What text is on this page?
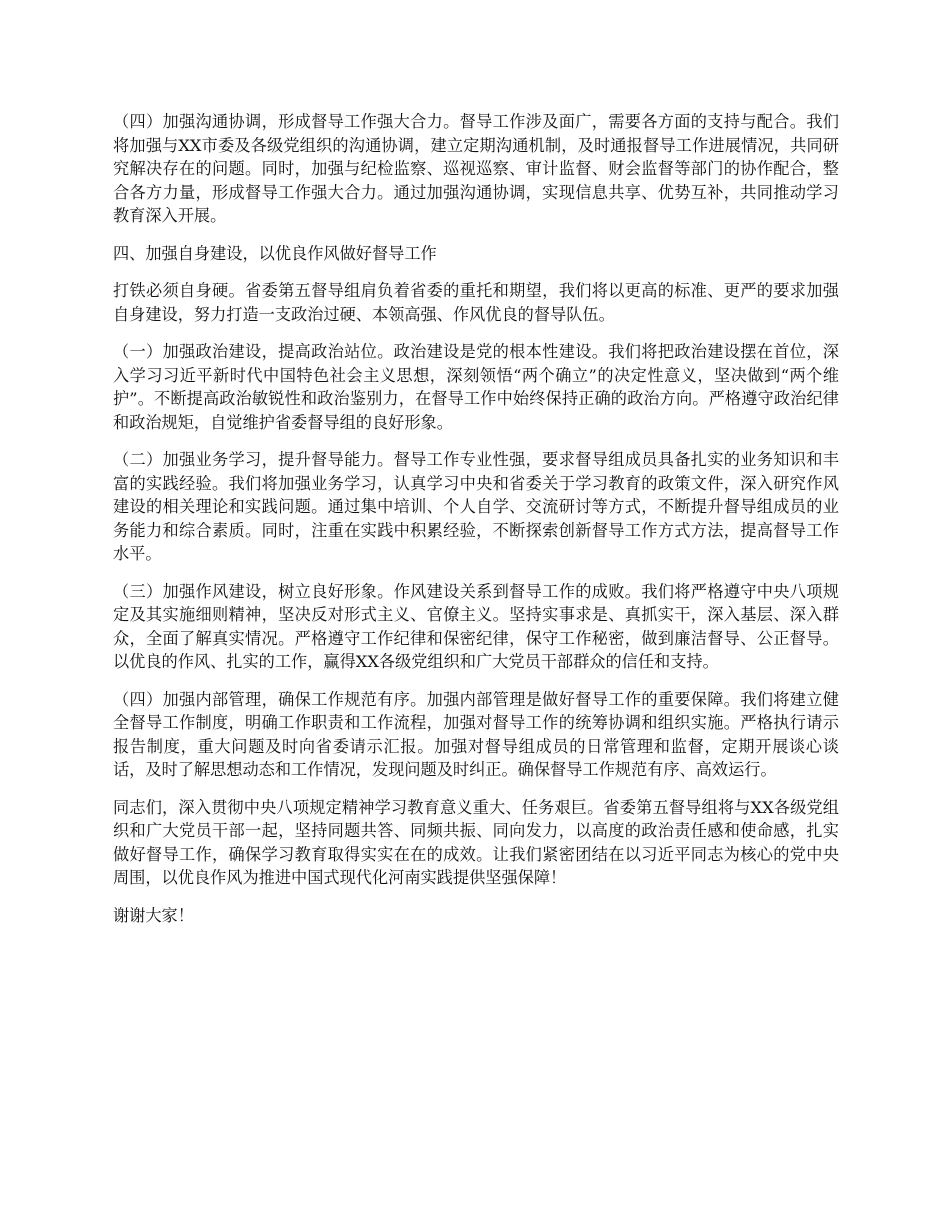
（四）加强沟通协调，形成督导工作强大合力。督导工作涉及面广，需要各方面的支持与配合。我们将加强与XX市委及各级党组织的沟通协调，建立定期沟通机制，及时通报督导工作进展情况，共同研究解决存在的问题。同时，加强与纪检监察、巡视巡察、审计监督、财会监督等部门的协作配合，整合各方力量，形成督导工作强大合力。通过加强沟通协调，实现信息共享、优势互补，共同推动学习教育深入开展。

四、加强自身建设，以优良作风做好督导工作

打铁必须自身硬。省委第五督导组肩负着省委的重托和期望，我们将以更高的标准、更严的要求加强自身建设，努力打造一支政治过硬、本领高强、作风优良的督导队伍。

（一）加强政治建设，提高政治站位。政治建设是党的根本性建设。我们将把政治建设摆在首位，深入学习习近平新时代中国特色社会主义思想，深刻领悟“两个确立”的决定性意义，坚决做到“两个维护”。不断提高政治敏锐性和政治鉴别力，在督导工作中始终保持正确的政治方向。严格遵守政治纪律和政治规矩，自觉维护省委督导组的良好形象。

（二）加强业务学习，提升督导能力。督导工作专业性强，要求督导组成员具备扎实的业务知识和丰富的实践经验。我们将加强业务学习，认真学习中央和省委关于学习教育的政策文件，深入研究作风建设的相关理论和实践问题。通过集中培训、个人自学、交流研讨等方式，不断提升督导组成员的业务能力和综合素质。同时，注重在实践中积累经验，不断探索创新督导工作方式方法，提高督导工作水平。

（三）加强作风建设，树立良好形象。作风建设关系到督导工作的成败。我们将严格遵守中央八项规定及其实施细则精神，坚决反对形式主义、官僚主义。坚持实事求是、真抓实干，深入基层、深入群众，全面了解真实情况。严格遵守工作纪律和保密纪律，保守工作秘密，做到廉洁督导、公正督导。以优良的作风、扎实的工作，赢得XX各级党组织和广大党员干部群众的信任和支持。

（四）加强内部管理，确保工作规范有序。加强内部管理是做好督导工作的重要保障。我们将建立健全督导工作制度，明确工作职责和工作流程，加强对督导工作的统筹协调和组织实施。严格执行请示报告制度，重大问题及时向省委请示汇报。加强对督导组成员的日常管理和监督，定期开展谈心谈话，及时了解思想动态和工作情况，发现问题及时纠正。确保督导工作规范有序、高效运行。

同志们，深入贯彻中央八项规定精神学习教育意义重大、任务艰巨。省委第五督导组将与XX各级党组织和广大党员干部一起，坚持同题共答、同频共振、同向发力，以高度的政治责任感和使命感，扎实做好督导工作，确保学习教育取得实实在在的成效。让我们紧密团结在以习近平同志为核心的党中央周围，以优良作风为推进中国式现代化河南实践提供坚强保障！

谢谢大家！
